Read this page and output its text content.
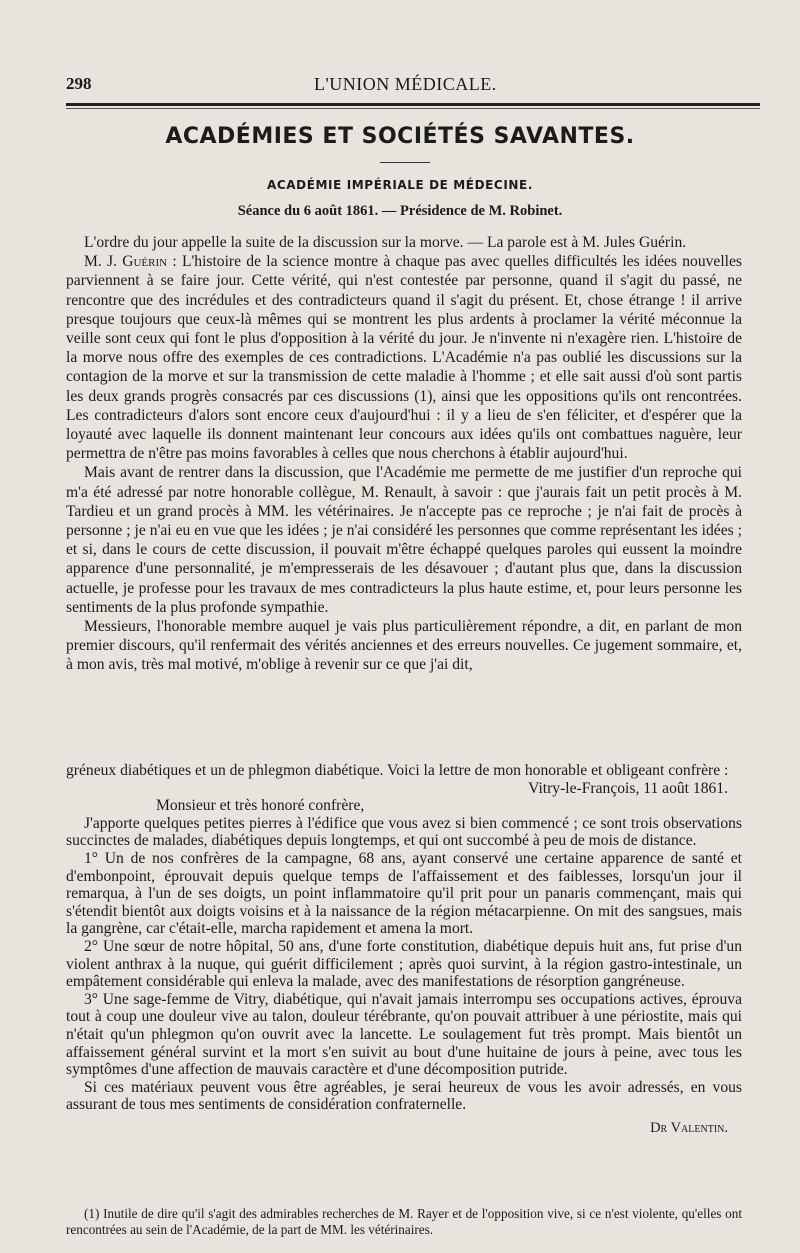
298	L'UNION MÉDICALE.
ACADÉMIES ET SOCIÉTÉS SAVANTES.
ACADÉMIE IMPÉRIALE DE MÉDECINE.
Séance du 6 août 1861. — Présidence de M. Robinet.

L'ordre du jour appelle la suite de la discussion sur la morve. — La parole est à M. Jules Guérin.

M. J. Guérin : L'histoire de la science montre à chaque pas avec quelles difficultés les idées nouvelles parviennent à se faire jour. Cette vérité, qui n'est contestée par personne, quand il s'agit du passé, ne rencontre que des incrédules et des contradicteurs quand il s'agit du présent. Et, chose étrange ! il arrive presque toujours que ceux-là mêmes qui se montrent les plus ardents à proclamer la vérité méconnue la veille sont ceux qui font le plus d'opposition à la vérité du jour. Je n'invente ni n'exagère rien. L'histoire de la morve nous offre des exemples de ces contradictions. L'Académie n'a pas oublié les discussions sur la contagion de la morve et sur la transmission de cette maladie à l'homme ; et elle sait aussi d'où sont partis les deux grands progrès consacrés par ces discussions (1), ainsi que les oppositions qu'ils ont rencontrées. Les contradicteurs d'alors sont encore ceux d'aujourd'hui : il y a lieu de s'en féliciter, et d'espérer que la loyauté avec laquelle ils donnent maintenant leur concours aux idées qu'ils ont combattues naguère, leur permettra de n'être pas moins favorables à celles que nous cherchons à établir aujourd'hui.

Mais avant de rentrer dans la discussion, que l'Académie me permette de me justifier d'un reproche qui m'a été adressé par notre honorable collègue, M. Renault, à savoir : que j'aurais fait un petit procès à M. Tardieu et un grand procès à MM. les vétérinaires. Je n'accepte pas ce reproche ; je n'ai fait de procès à personne ; je n'ai eu en vue que les idées ; je n'ai considéré les personnes que comme représentant les idées ; et si, dans le cours de cette discussion, il pouvait m'être échappé quelques paroles qui eussent la moindre apparence d'une personnalité, je m'empresserais de les désavouer ; d'autant plus que, dans la discussion actuelle, je professe pour les travaux de mes contradicteurs la plus haute estime, et, pour leurs personne les sentiments de la plus profonde sympathie.

Messieurs, l'honorable membre auquel je vais plus particulièrement répondre, a dit, en parlant de mon premier discours, qu'il renfermait des vérités anciennes et des erreurs nouvelles. Ce jugement sommaire, et, à mon avis, très mal motivé, m'oblige à revenir sur ce que j'ai dit,

gréneux diabétiques et un de phlegmon diabétique. Voici la lettre de mon honorable et obligeant confrère :

Vitry-le-François, 11 août 1861.

Monsieur et très honoré confrère,

J'apporte quelques petites pierres à l'édifice que vous avez si bien commencé ; ce sont trois observations succinctes de malades, diabétiques depuis longtemps, et qui ont succombé à peu de mois de distance.

1° Un de nos confrères de la campagne, 68 ans, ayant conservé une certaine apparence de santé et d'embonpoint, éprouvait depuis quelque temps de l'affaissement et des faiblesses, lorsqu'un jour il remarqua, à l'un de ses doigts, un point inflammatoire qu'il prit pour un panaris commençant, mais qui s'étendit bientôt aux doigts voisins et à la naissance de la région métacarpienne. On mit des sangsues, mais la gangrène, car c'était-elle, marcha rapidement et amena la mort.

2° Une sœur de notre hôpital, 50 ans, d'une forte constitution, diabétique depuis huit ans, fut prise d'un violent anthrax à la nuque, qui guérit difficilement ; après quoi survint, à la région gastro-intestinale, un empâtement considérable qui enleva la malade, avec des manifestations de résorption gangréneuse.

3° Une sage-femme de Vitry, diabétique, qui n'avait jamais interrompu ses occupations actives, éprouva tout à coup une douleur vive au talon, douleur térébrante, qu'on pouvait attribuer à une périostite, mais qui n'était qu'un phlegmon qu'on ouvrit avec la lancette. Le soulagement fut très prompt. Mais bientôt un affaissement général survint et la mort s'en suivit au bout d'une huitaine de jours à peine, avec tous les symptômes d'une affection de mauvais caractère et d'une décomposition putride.

Si ces matériaux peuvent vous être agréables, je serai heureux de vous les avoir adressés, en vous assurant de tous mes sentiments de considération confraternelle.

Dr Valentin.

(1) Inutile de dire qu'il s'agit des admirables recherches de M. Rayer et de l'opposition vive, si ce n'est violente, qu'elles ont rencontrées au sein de l'Académie, de la part de MM. les vétérinaires.
